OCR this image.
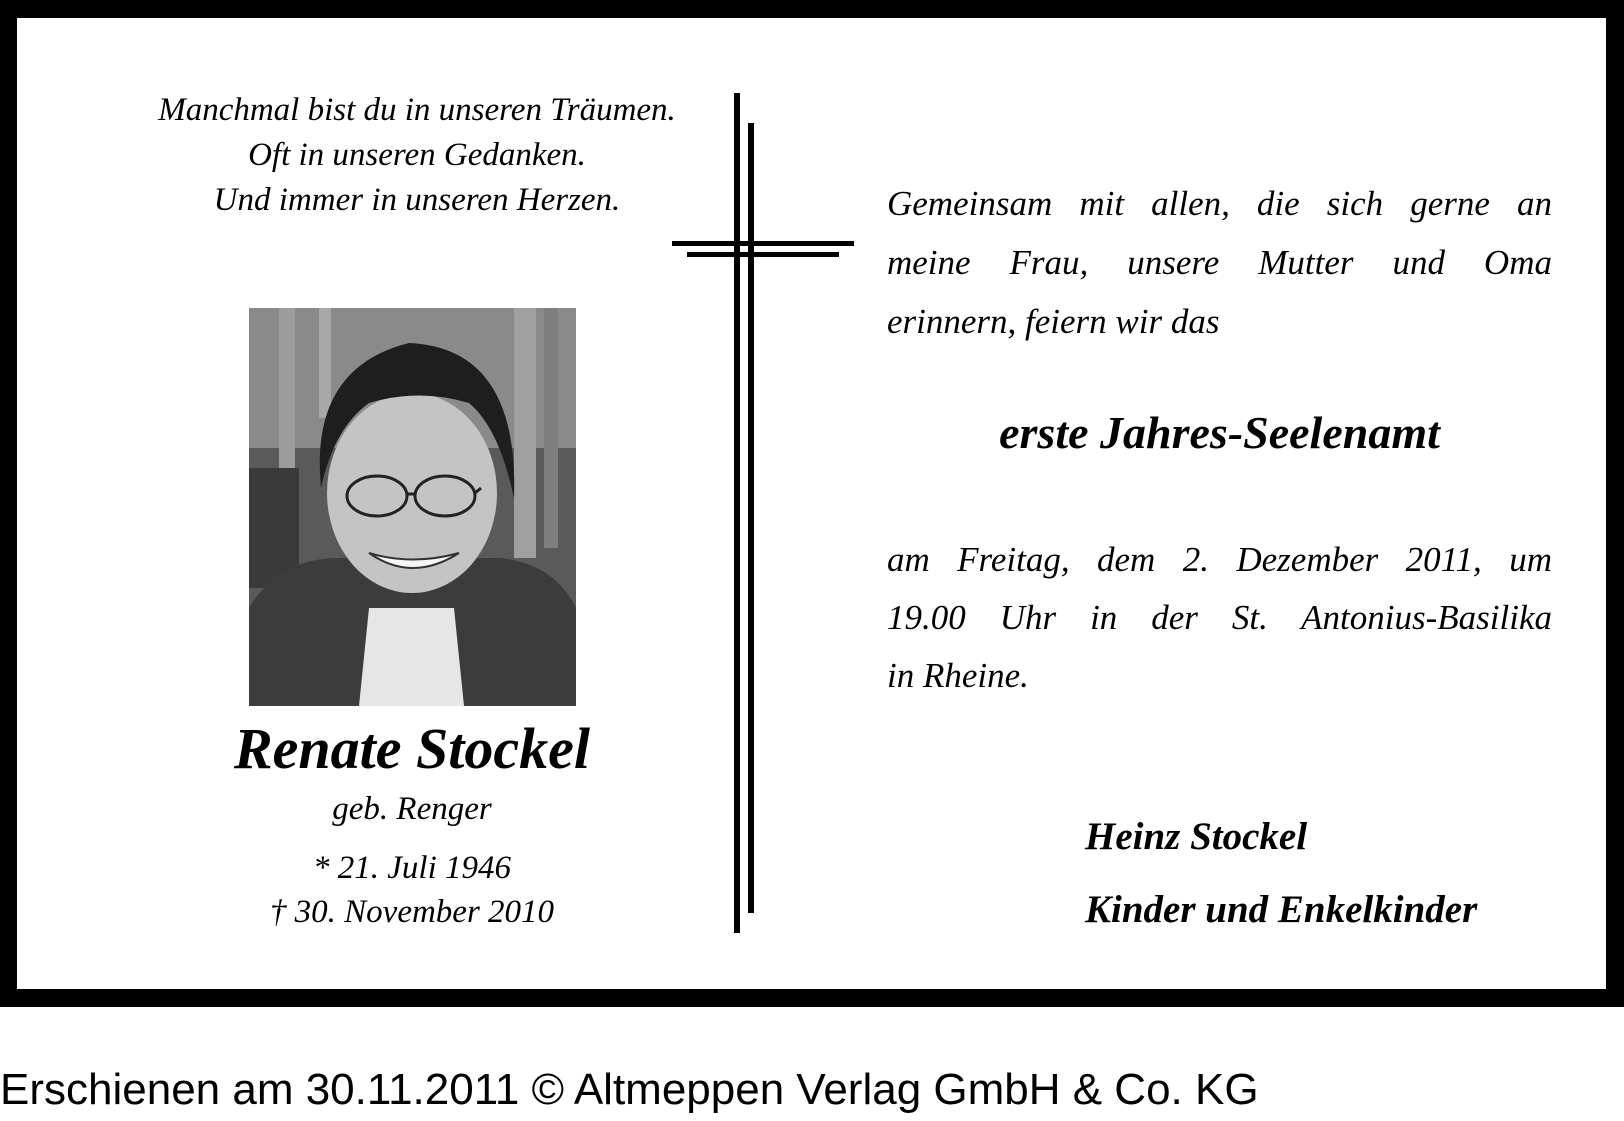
Manchmal bist du in unseren Träumen.
Oft in unseren Gedanken.
Und immer in unseren Herzen.
Renate Stockel
geb. Renger
* 21. Juli 1946
† 30. November 2010
Gemeinsam mit allen, die sich gerne an
meine Frau, unsere Mutter und Oma
erinnern, feiern wir das
erste Jahres-Seelenamt
am Freitag, dem 2. Dezember 2011, um
19.00 Uhr in der St. Antonius-Basilika
in Rheine.
Heinz Stockel
Kinder und Enkelkinder
Erschienen am 30.11.2011 © Altmeppen Verlag GmbH & Co. KG
